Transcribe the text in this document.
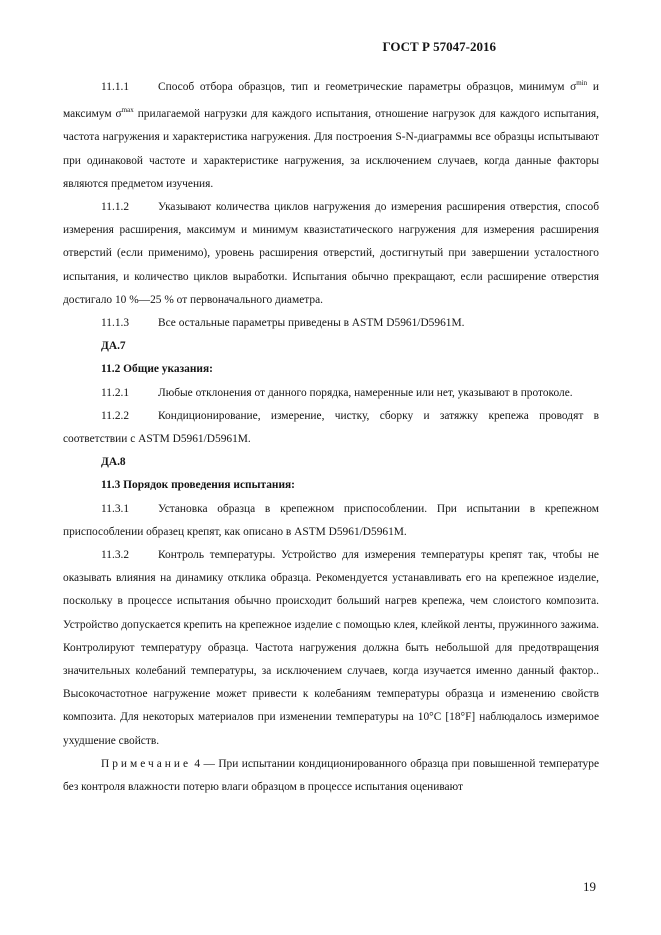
ГОСТ Р 57047-2016

11.1.1	Способ отбора образцов, тип и геометрические параметры образцов, минимум $\sigma^{min}$ и максимум $\sigma^{max}$ прилагаемой нагрузки для каждого испытания, отношение нагрузок для каждого испытания, частота нагружения и характеристика нагружения. Для построения S-N-диаграммы все образцы испытывают при одинаковой частоте и характеристике нагружения, за исключением случаев, когда данные факторы являются предметом изучения.

11.1.2	Указывают количества циклов нагружения до измерения расширения отверстия, способ измерения расширения, максимум и минимум квазистатического нагружения для измерения расширения отверстий (если применимо), уровень расширения отверстий, достигнутый при завершении усталостного испытания, и количество циклов выработки. Испытания обычно прекращают, если расширение отверстия достигало 10 %—25 % от первоначального диаметра.

11.1.3	Все остальные параметры приведены в ASTM D5961/D5961M.

ДА.7

11.2 Общие указания:

11.2.1	Любые отклонения от данного порядка, намеренные или нет, указывают в протоколе.

11.2.2	Кондиционирование, измерение, чистку, сборку и затяжку крепежа проводят в соответствии с ASTM D5961/D5961M.

ДА.8

11.3 Порядок проведения испытания:

11.3.1	Установка образца в крепежном приспособлении. При испытании в крепежном приспособлении образец крепят, как описано в ASTM D5961/D5961M.

11.3.2	Контроль температуры. Устройство для измерения температуры крепят так, чтобы не оказывать влияния на динамику отклика образца. Рекомендуется устанавливать его на крепежное изделие, поскольку в процессе испытания обычно происходит больший нагрев крепежа, чем слоистого композита. Устройство допускается крепить на крепежное изделие с помощью клея, клейкой ленты, пружинного зажима. Контролируют температуру образца. Частота нагружения должна быть небольшой для предотвращения значительных колебаний температуры, за исключением случаев, когда изучается именно данный фактор.. Высокочастотное нагружение может привести к колебаниям температуры образца и изменению свойств композита. Для некоторых материалов при изменении температуры на 10°С [18°F] наблюдалось измеримое ухудшение свойств.

Примечание 4 — При испытании кондиционированного образца при повышенной температуре без контроля влажности потерю влаги образцом в процессе испытания оценивают

19
